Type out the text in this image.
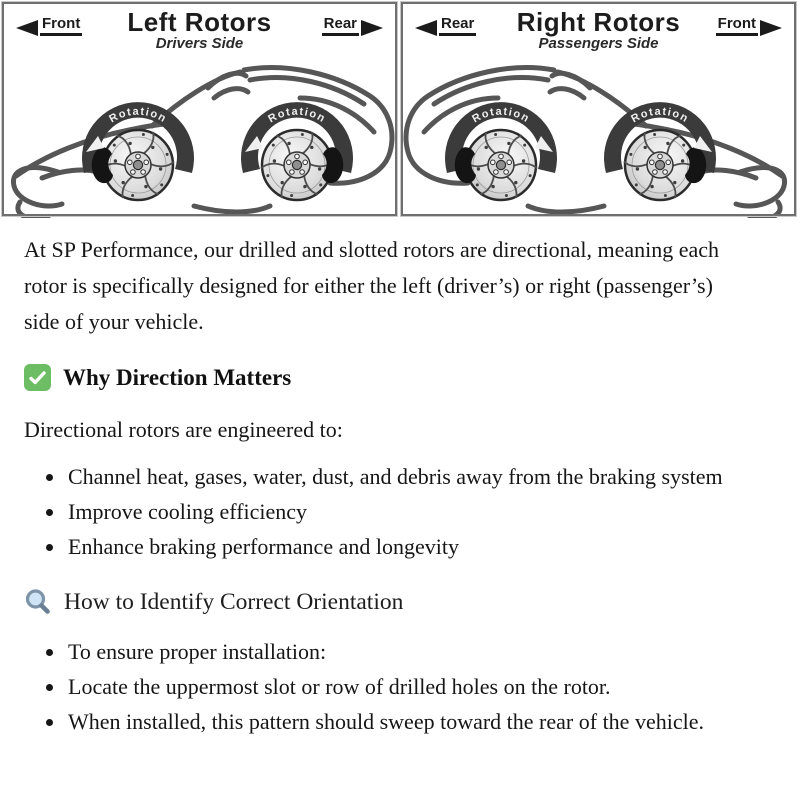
Rotation	Rotation	Rotation	Rotation
Front	Left Rotors
Drivers Side
Rear	Rear	Right Rotors
Passengers Side
Front

At SP Performance, our drilled and slotted rotors are directional, meaning each rotor is specifically designed for either the left (driver’s) or right (passenger’s) side of your vehicle.

Why Direction Matters

Directional rotors are engineered to:

• Channel heat, gases, water, dust, and debris away from the braking system
• Improve cooling efficiency
• Enhance braking performance and longevity
How to Identify Correct Orientation
• To ensure proper installation:
• Locate the uppermost slot or row of drilled holes on the rotor.
• When installed, this pattern should sweep toward the rear of the vehicle.
